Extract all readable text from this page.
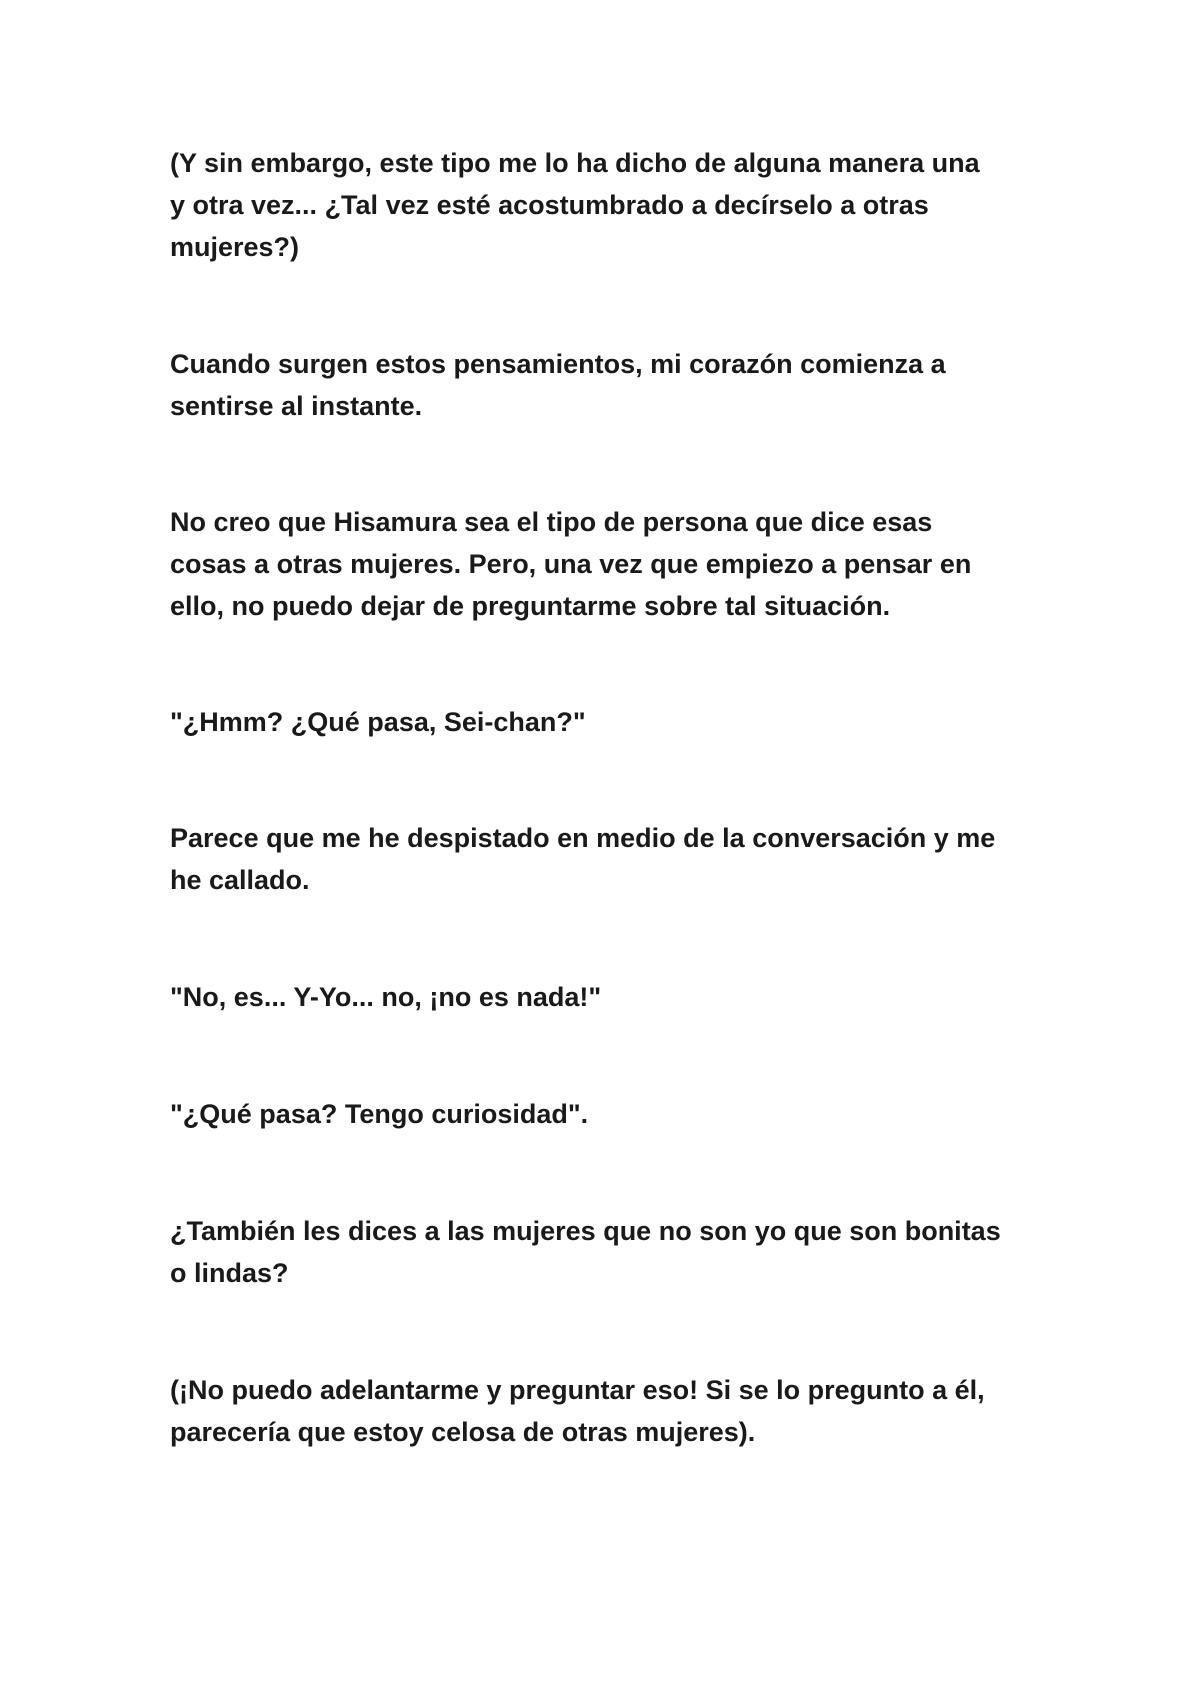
(Y sin embargo, este tipo me lo ha dicho de alguna manera una
y otra vez... ¿Tal vez esté acostumbrado a decírselo a otras
mujeres?)

Cuando surgen estos pensamientos, mi corazón comienza a
sentirse al instante.

No creo que Hisamura sea el tipo de persona que dice esas
cosas a otras mujeres. Pero, una vez que empiezo a pensar en
ello, no puedo dejar de preguntarme sobre tal situación.

"¿Hmm? ¿Qué pasa, Sei-chan?"

Parece que me he despistado en medio de la conversación y me
he callado.

"No, es... Y-Yo... no, ¡no es nada!"

"¿Qué pasa? Tengo curiosidad".

¿También les dices a las mujeres que no son yo que son bonitas
o lindas?

(¡No puedo adelantarme y preguntar eso! Si se lo pregunto a él,
parecería que estoy celosa de otras mujeres).
